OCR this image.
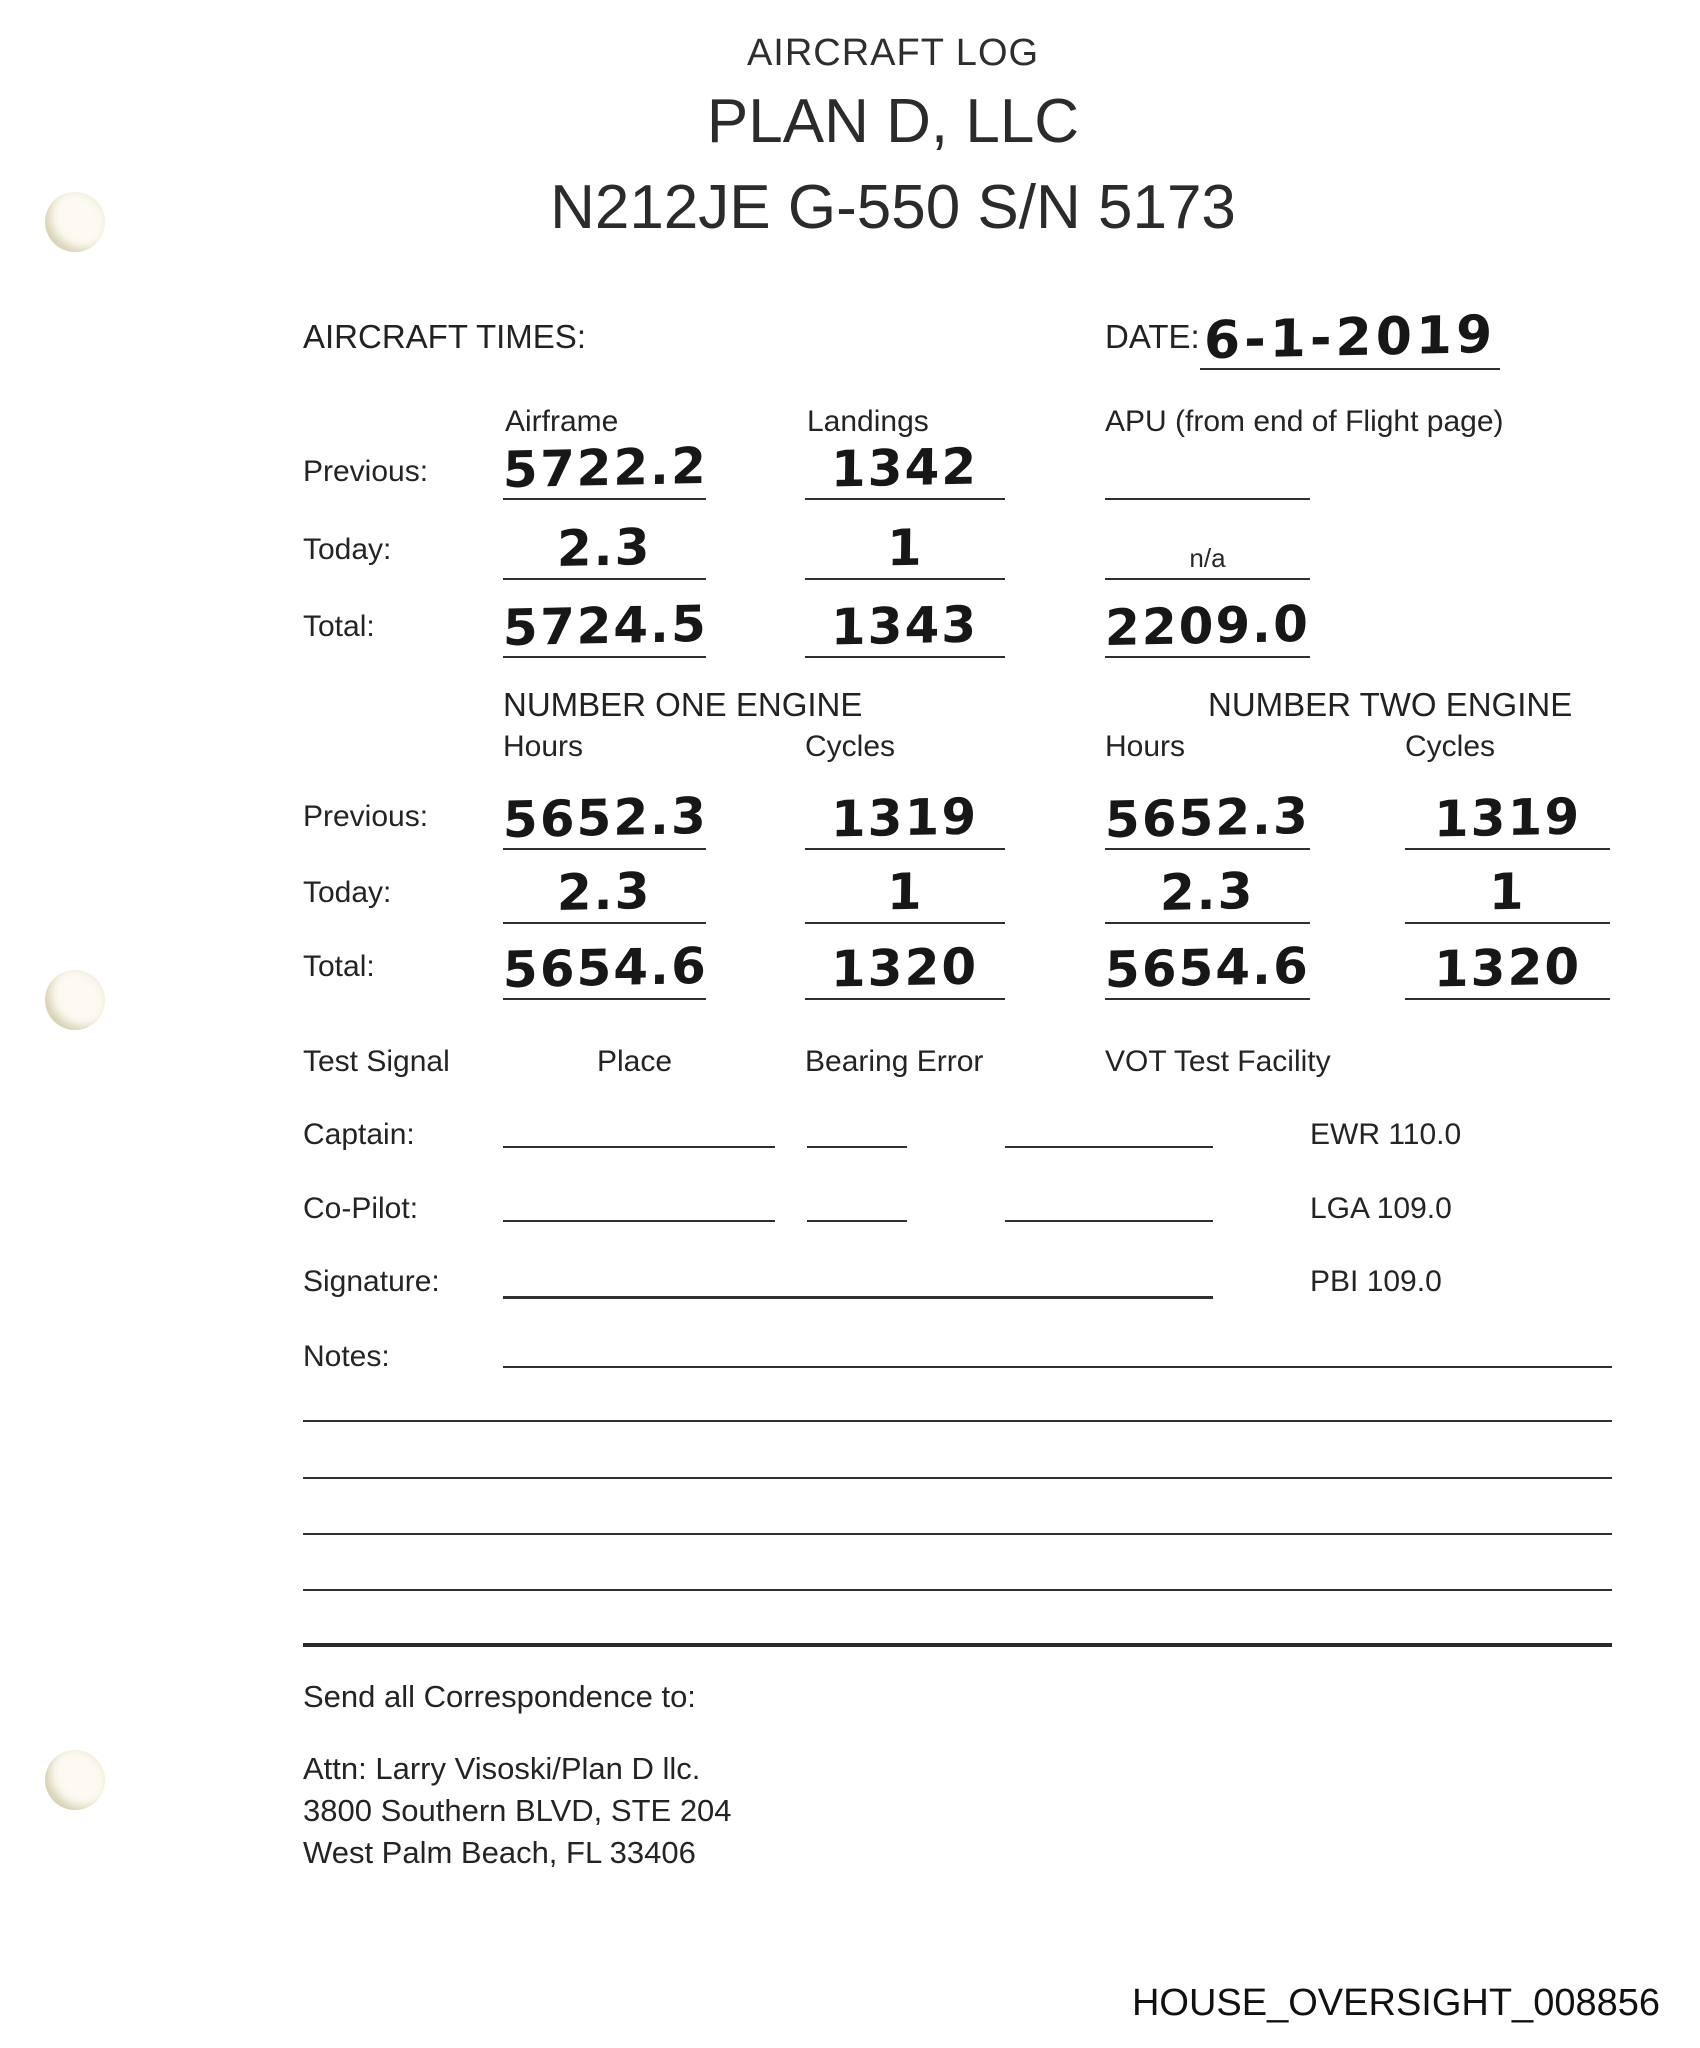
AIRCRAFT LOG
PLAN D, LLC
N212JE G-550 S/N 5173
AIRCRAFT TIMES:	DATE: 6-1-2019
Airframe	Landings	APU (from end of Flight page)
Previous: 5722.2	1342
Today:	2.3	1	n/a
Total:	5724.5	1343	2209.0
NUMBER ONE ENGINE	NUMBER TWO ENGINE
Hours	Cycles	Hours	Cycles
Previous: 5652.3	1319	5652.3	1319
Today:	2.3	1	2.3	1
Total:	5654.6	1320	5654.6	1320
Test Signal	Place	Bearing Error	VOT Test Facility
Captain:	EWR 110.0
Co-Pilot:	LGA 109.0
Signature:	PBI 109.0
Notes:
Send all Correspondence to:
Attn: Larry Visoski/Plan D llc.
3800 Southern BLVD, STE 204
West Palm Beach, FL 33406
HOUSE_OVERSIGHT_008856
